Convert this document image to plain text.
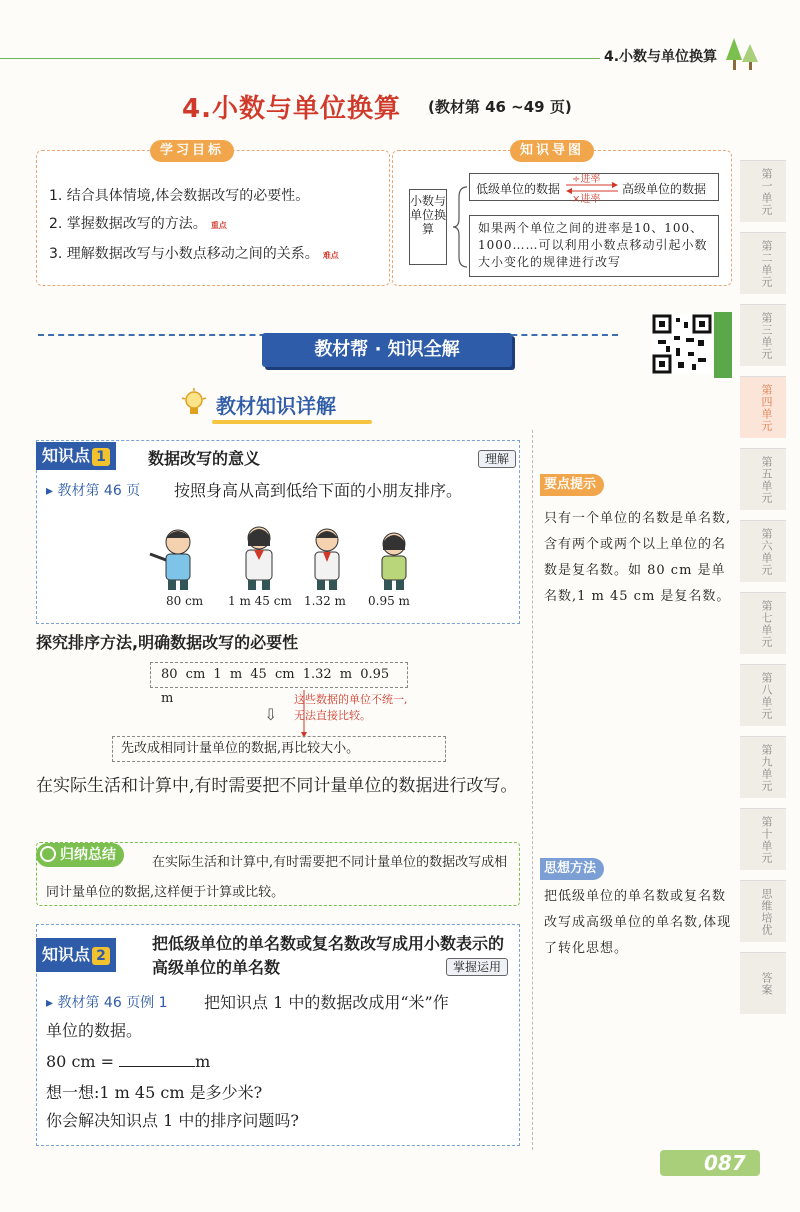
4.小数与单位换算
4.小数与单位换算 (教材第 46 ~49 页)
1. 结合具体情境,体会数据改写的必要性。
2. 掌握数据改写的方法。 重点
3. 理解数据改写与小数点移动之间的关系。 难点
学习目标
小数与单位换算
低级单位的数据
÷进率
×进率
高级单位的数据
如果两个单位之间的进率是10、100、1000……可以利用小数点移动引起小数大小变化的规律进行改写
知识导图
教材帮 · 知识全解
教材知识详解
知识点 1	数据改写的意义	理解
▸ 教材第 46 页 按照身高从高到低给下面的小朋友排序。
80 cm 1 m 45 cm 1.32 m 0.95 m
探究排序方法,明确数据改写的必要性
80 cm 1 m 45 cm 1.32 m 0.95 m	这些数据的单位不统一,
无法直接比较。
⇩
先改成相同计量单位的数据,再比较大小。
在实际生活和计算中,有时需要把不同计量单位的数据进行改写。
在实际生活和计算中,有时需要把不同计量单位的数据改写成相同计量单位的数据,这样便于计算或比较。
归纳总结
知识点 2
把低级单位的单名数或复名数改写成用小数表示的高级单位的单名数	掌握运用
▸ 教材第 46 页例 1 把知识点 1 中的数据改成用“米”作
单位的数据。
80 cm =	m
想一想:1 m 45 cm 是多少米?
你会解决知识点 1 中的排序问题吗?
要点提示
只有一个单位的名数是单名数,含有两个或两个以上单位的名数是复名数。如 80 cm 是单名数,1 m 45 cm 是复名数。
思想方法
把低级单位的单名数或复名数改写成高级单位的单名数,体现了转化思想。
第一单元
第二单元
第三单元
第四单元
第五单元
第六单元
第七单元
第八单元
第九单元
第十单元
思维培优
答案
087
